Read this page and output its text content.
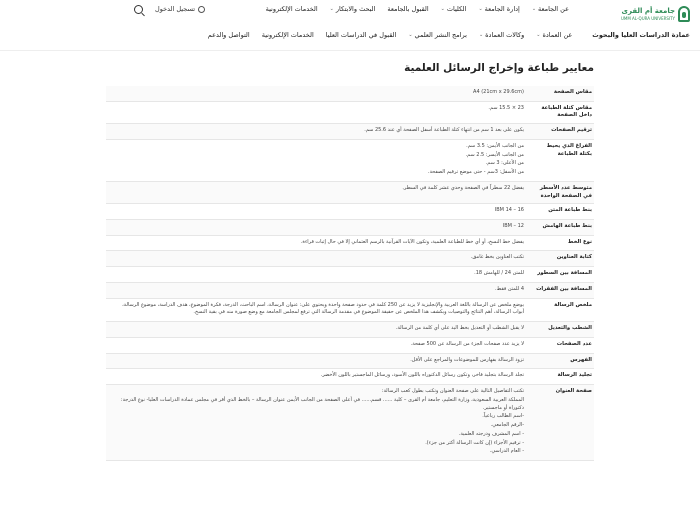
جامعة أم القرى
UMM AL-QURA UNIVERSITY
عن الجامعة
⌄
إدارة الجامعة
⌄
الكليات
⌄
القبول بالجامعة
البحث والابتكار
⌄
الخدمات الإلكترونية
تسجيل الدخول
عمادة الدراسات العليا والبحوث
عن العمادة
⌄
وكالات العمادة
⌄
برامج النشر العلمي
⌄
القبول في الدراسات العليا
الخدمات الإلكترونية
التواصل والدعم
معايير طباعة وإخراج الرسائل العلمية
مقاس الصفحة

A4 (21cm x 29.6cm)

مقاس كتلة الطباعة داخل الصفحة

23 × 15.5 سم.

ترقيم الصفحات

يكون على بعد 1 سم من انتهاء كتلة الطباعة أسفل الصفحة أي عند 25.6 سم.

الفراغ الذي يحيط بكتلة الطباعة

من الجانب الأيمن: 3.5 سم.

من الجانب الأيسر: 2.5 سم.

من الأعلى: 3 سم.

من الأسفل: 3سم - حتى موضع ترقيم الصفحة.

متوسط عدد الأسطر في الصفحة الواحدة

يفضل 22 سطراً في الصفحة وحدي عشر كلمة في السطر.

بنط طباعة المتن

16 – 14 IBM

بنط طباعة الهامش

12 – IBM

نوع الخط

يفضل خط النسخ، أو أي خط للطباعة العلمية، وتكون الآيات القرآنية بالرسم العثماني إلا في حال إثبات قراءة.

كتابة العناوين

تكتب العناوين بخط غامق.

المسافة بين السطور

للمتن 24 / للهامش 18.

المسافة بين الفقرات

4 للمتن فقط.

ملخص الرسالة

يوضع ملخص عن الرسالة باللغة العربية والإنجليزية لا يزيد عن 250 كلمة في حدود صفحة واحدة ويحتوي على: عنوان الرسالة، اسم الباحث، الدرجة، فكرة الموضوع، هدف الدراسة، موضوع الرسالة، أبواب الرسالة، أهم النتائج والتوصيات ويكشف هذا الملخص عن حقيقة الموضوع في مقدمة الرسالة التي ترفع لمجلس الجامعة مع وضع صورة منه في بقية النسخ.

الشطب والتعديل

لا يقبل الشطب أو التعديل بخط اليد على أي كلمة من الرسالة.

عدد الصفحات

لا يزيد عدد صفحات الجزء من الرسالة عن 500 صفحة.

الفهرس

تزود الرسالة بفهارس للموضوعات والمراجع على الأقل.

تجليد الرسالة

تجلد الرسالة بتجليد فاخر، وتكون رسائل الدكتوراه باللون الأسود، ورسائل الماجستير باللون الأخضر.

صفحة العنوان

تكتب التفاصيل التالية على صفحة العنوان وتكتب بطول كعب الرسالة:

المملكة العربية السعودية، وزارة التعليم، جامعة أم القرى – كلية ...... قسم...... في أعلى الصفحة من الجانب الأيمن عنوان الرسالة – بالخط الذي أقر في مجلس عمادة الدراسات العليا- نوع الدرجة: دكتوراة أو ماجستير.

-اسم الطالب رباعياً.

-الرقم الجامعي.

- اسم المشرف ودرجته العلمية.

- ترقيم الأجزاء (إن كانت الرسالة أكثر من جزء).

- العام الدراسي.
